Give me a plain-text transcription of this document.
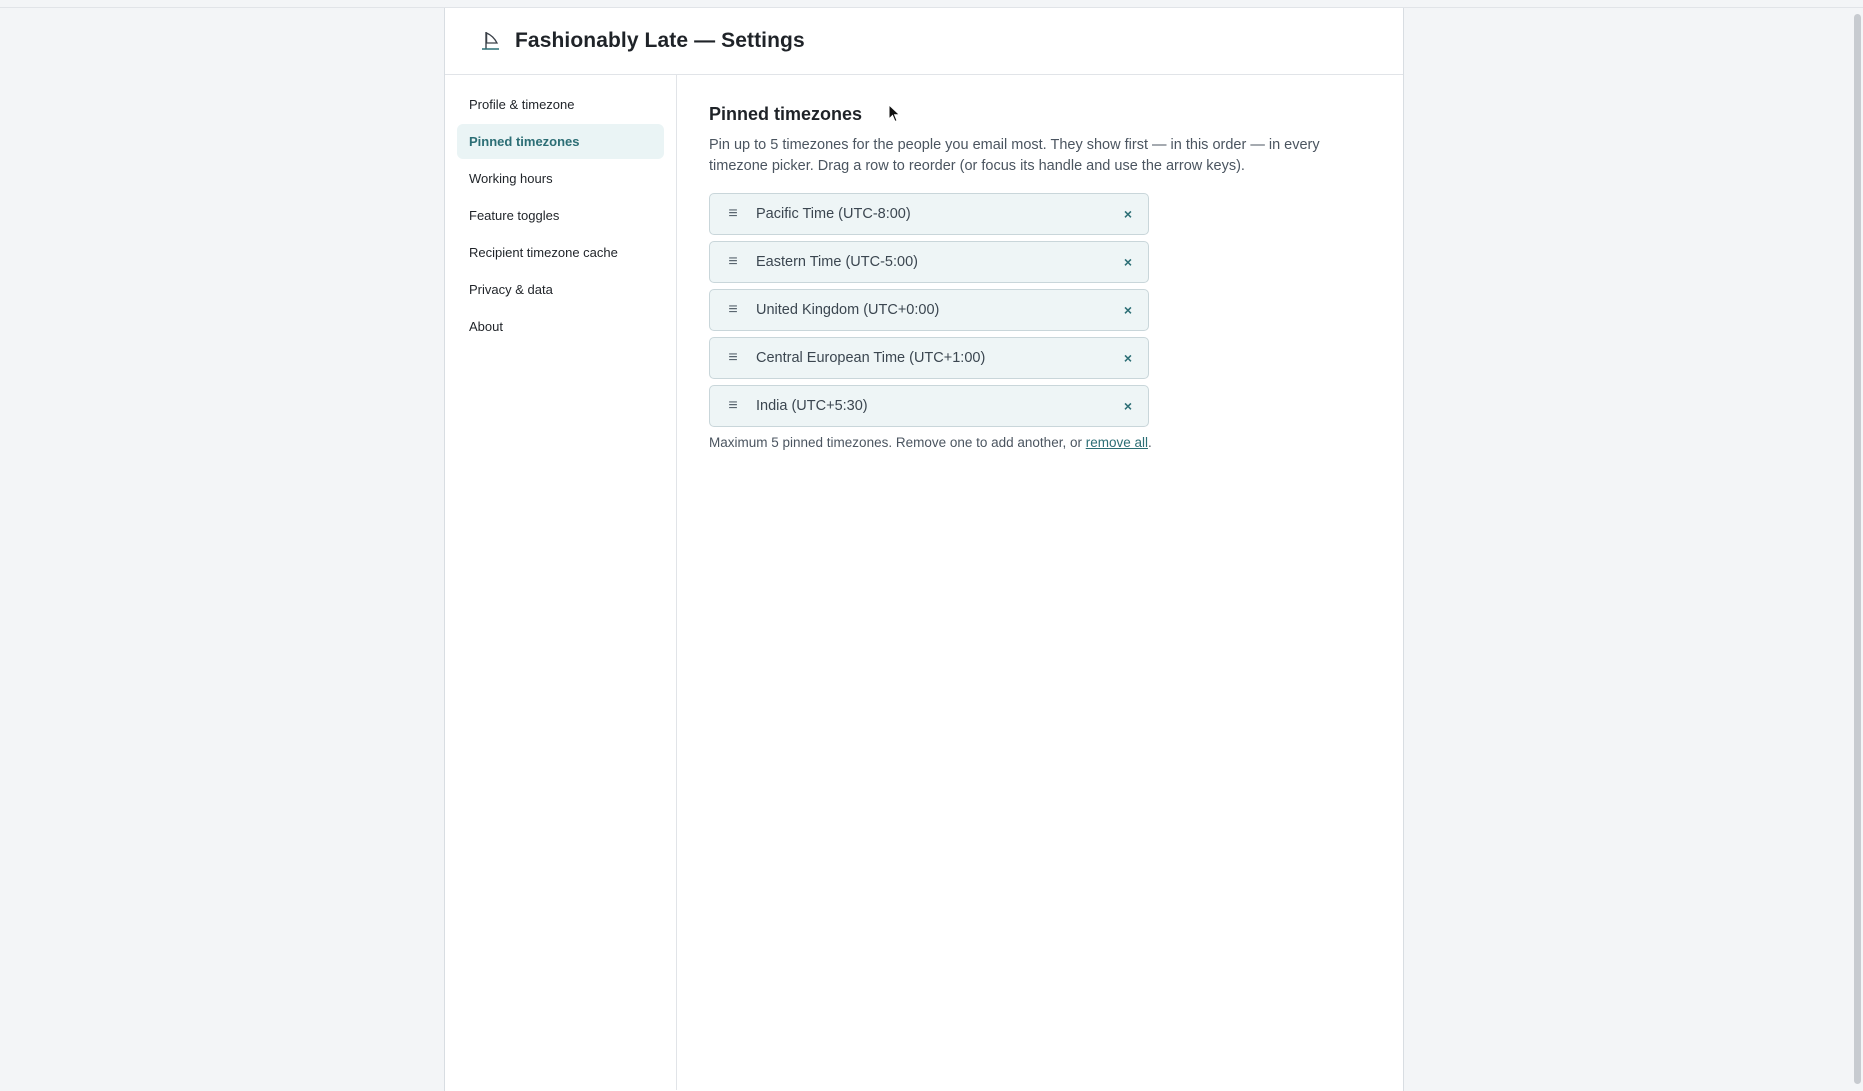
Fashionably Late — Settings
Profile & timezone
Pinned timezones
Working hours
Feature toggles
Recipient timezone cache
Privacy & data
About
Pinned timezones

Pin up to 5 timezones for the people you email most. They show first — in this order — in every timezone picker. Drag a row to reorder (or focus its handle and use the arrow keys).

≡	Pacific Time (UTC-8:00)	×
≡	Eastern Time (UTC-5:00)	×
≡	United Kingdom (UTC+0:00)	×
≡	Central European Time (UTC+1:00)	×
≡	India (UTC+5:30)	×

Maximum 5 pinned timezones. Remove one to add another, or remove all.
